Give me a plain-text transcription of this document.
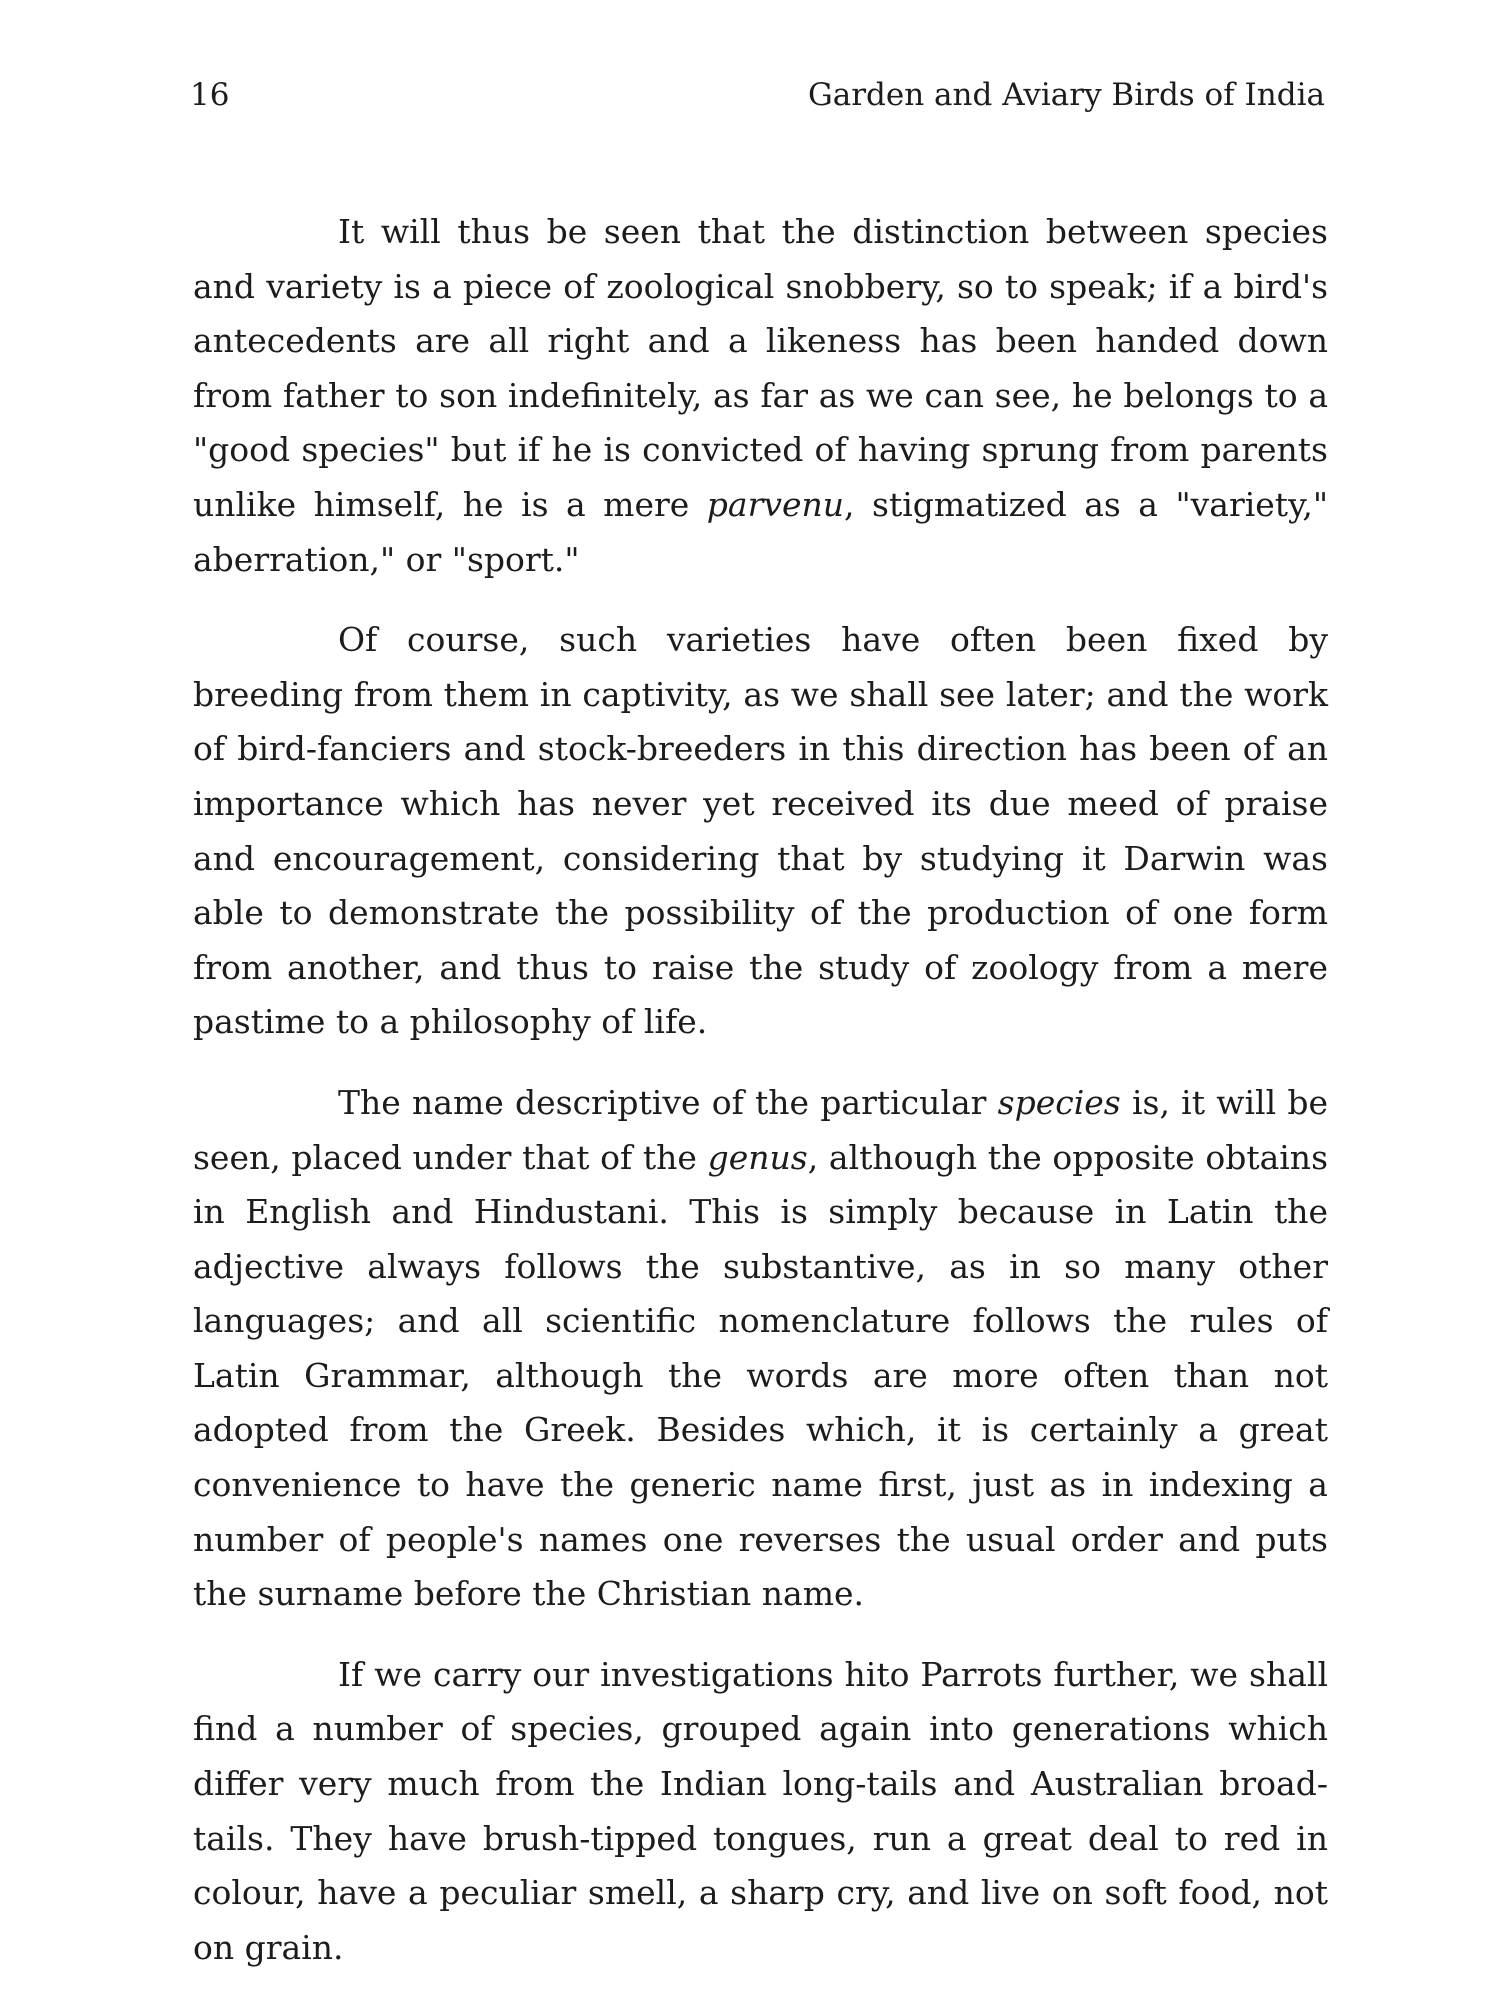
16	Garden and Aviary Birds of India

It will thus be seen that the distinction between species and variety is a piece of zoological snobbery, so to speak; if a bird's antecedents are all right and a likeness has been handed down from father to son indefinitely, as far as we can see, he belongs to a "good species" but if he is convicted of having sprung from parents unlike himself, he is a mere parvenu, stigmatized as a "variety," aberration," or "sport."

Of course, such varieties have often been fixed by breeding from them in captivity, as we shall see later; and the work of bird-fanciers and stock-breeders in this direction has been of an importance which has never yet received its due meed of praise and encouragement, considering that by studying it Darwin was able to demonstrate the possibility of the production of one form from another, and thus to raise the study of zoology from a mere pastime to a philosophy of life.

The name descriptive of the particular species is, it will be seen, placed under that of the genus, although the opposite obtains in English and Hindustani. This is simply because in Latin the adjective always follows the substantive, as in so many other languages; and all scientific nomenclature follows the rules of Latin Grammar, although the words are more often than not adopted from the Greek. Besides which, it is certainly a great convenience to have the generic name first, just as in indexing a number of people's names one reverses the usual order and puts the surname before the Christian name.

If we carry our investigations hito Parrots further, we shall find a number of species, grouped again into generations which differ very much from the Indian long-tails and Australian broad-tails. They have brush-tipped tongues, run a great deal to red in colour, have a peculiar smell, a sharp cry, and live on soft food, not on grain.
